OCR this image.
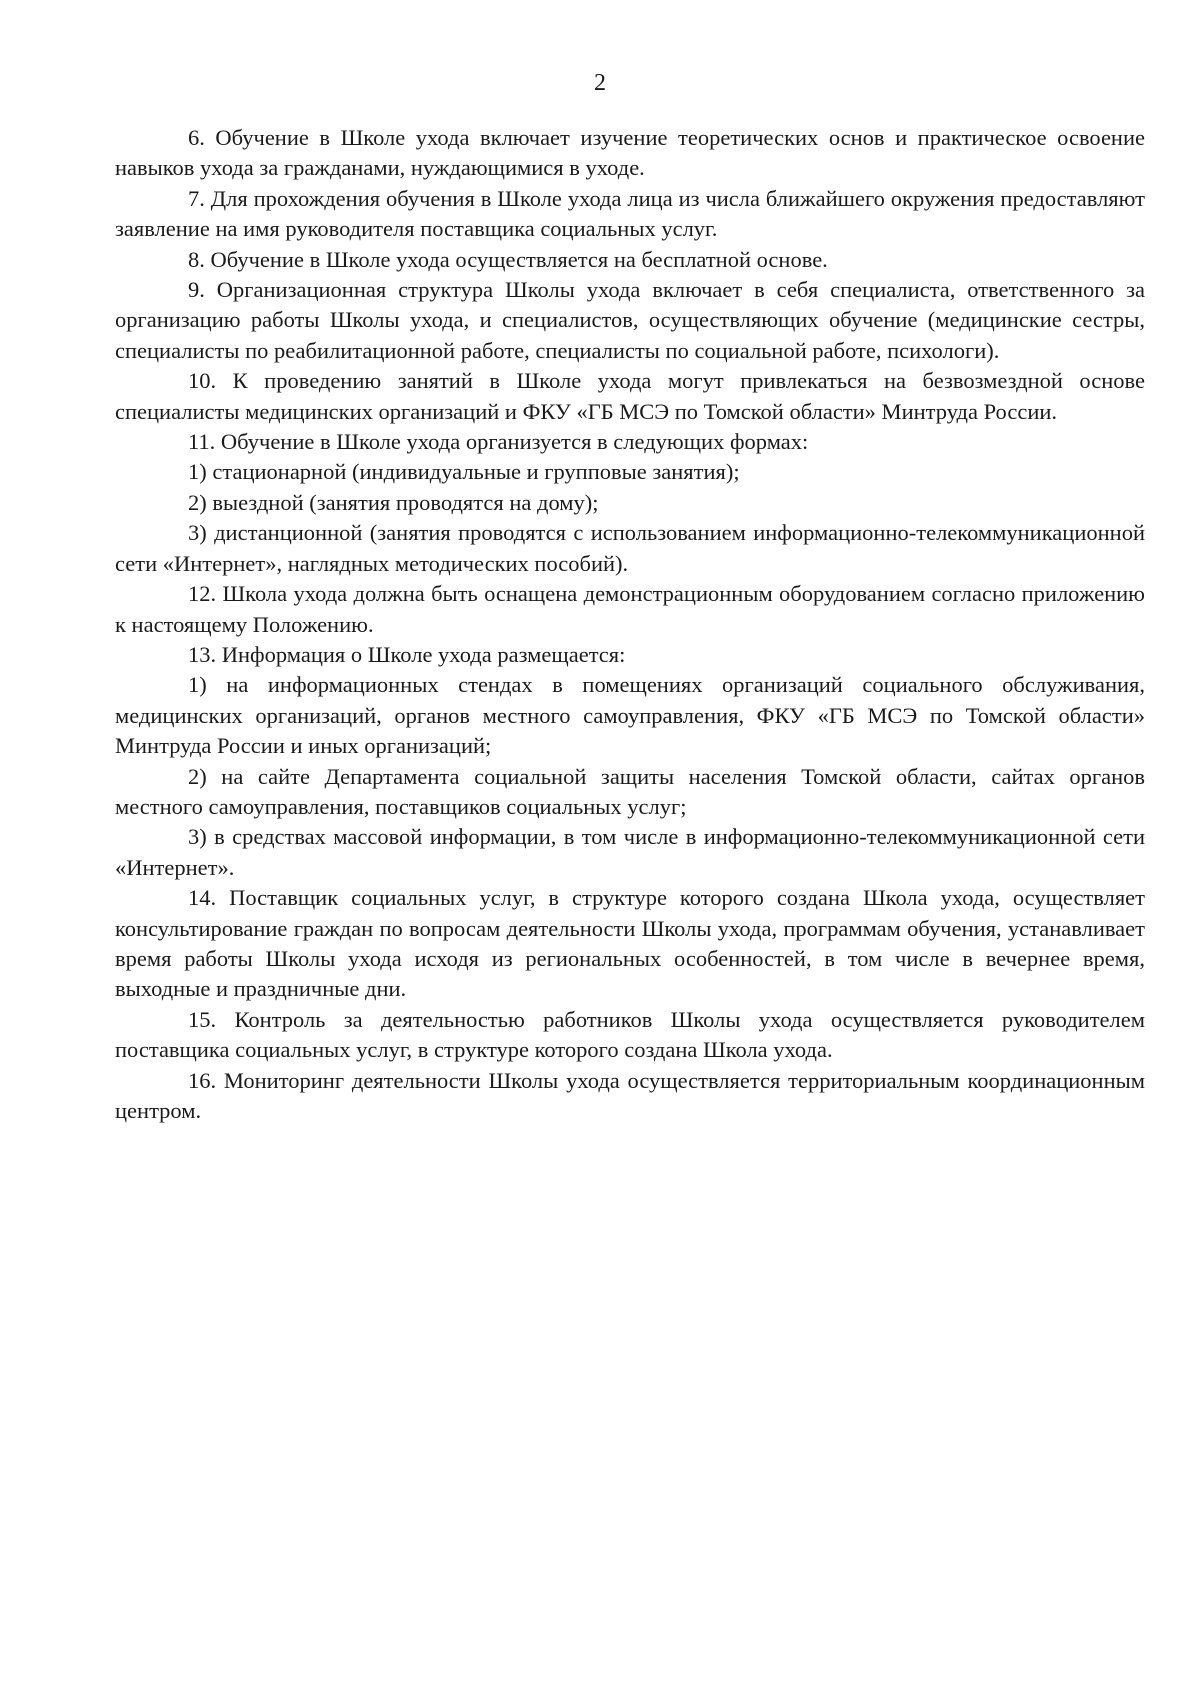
2

6. Обучение в Школе ухода включает изучение теоретических основ и практическое освоение навыков ухода за гражданами, нуждающимися в уходе.

7. Для прохождения обучения в Школе ухода лица из числа ближайшего окружения предоставляют заявление на имя руководителя поставщика социальных услуг.

8. Обучение в Школе ухода осуществляется на бесплатной основе.

9. Организационная структура Школы ухода включает в себя специалиста, ответственного за организацию работы Школы ухода, и специалистов, осуществляющих обучение (медицинские сестры, специалисты по реабилитационной работе, специалисты по социальной работе, психологи).

10. К проведению занятий в Школе ухода могут привлекаться на безвозмездной основе специалисты медицинских организаций и ФКУ «ГБ МСЭ по Томской области» Минтруда России.

11. Обучение в Школе ухода организуется в следующих формах:

1) стационарной (индивидуальные и групповые занятия);

2) выездной (занятия проводятся на дому);

3) дистанционной (занятия проводятся с использованием информационно-телекоммуникационной сети «Интернет», наглядных методических пособий).

12. Школа ухода должна быть оснащена демонстрационным оборудованием согласно приложению к настоящему Положению.

13. Информация о Школе ухода размещается:

1) на информационных стендах в помещениях организаций социального обслуживания, медицинских организаций, органов местного самоуправления, ФКУ «ГБ МСЭ по Томской области» Минтруда России и иных организаций;

2) на сайте Департамента социальной защиты населения Томской области, сайтах органов местного самоуправления, поставщиков социальных услуг;

3) в средствах массовой информации, в том числе в информационно-телекоммуникационной сети «Интернет».

14. Поставщик социальных услуг, в структуре которого создана Школа ухода, осуществляет консультирование граждан по вопросам деятельности Школы ухода, программам обучения, устанавливает время работы Школы ухода исходя из региональных особенностей, в том числе в вечернее время, выходные и праздничные дни.

15. Контроль за деятельностью работников Школы ухода осуществляется руководителем поставщика социальных услуг, в структуре которого создана Школа ухода.

16. Мониторинг деятельности Школы ухода осуществляется территориальным координационным центром.
